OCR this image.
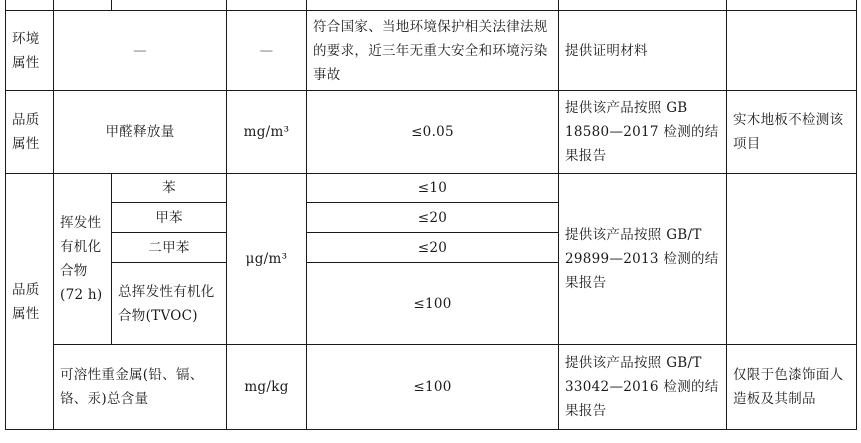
环境属性	—		—	符合国家、当地环境保护相关法律法规的要求，近三年无重大安全和环境污染事故	提供证明材料	
品质属性	甲醛释放量		mg/m³	≤0.05	提供该产品按照 GB 18580—2017 检测的结果报告	实木地板不检测该项目
品质属性	挥发性有机化合物(72 h)	苯	μg/m³	≤10	提供该产品按照 GB/T 29899—2013 检测的结果报告	
		甲苯		≤20		
		二甲苯		≤20		
		总挥发性有机化合物(TVOC)		≤100		
	可溶性重金属(铅、镉、铬、汞)总含量		mg/kg	≤100	提供该产品按照 GB/T 33042—2016 检测的结果报告	仅限于色漆饰面人造板及其制品
